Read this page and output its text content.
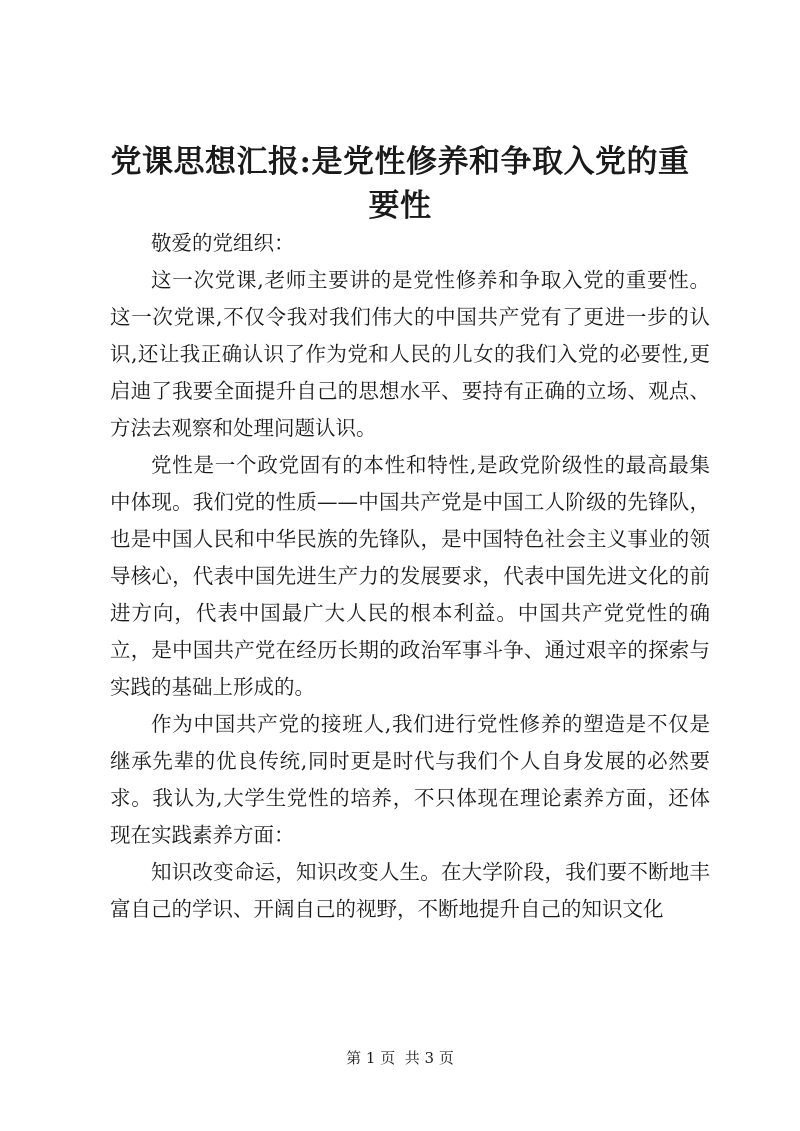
党课思想汇报:是党性修养和争取入党的重要性

敬爱的党组织：

这一次党课,老师主要讲的是党性修养和争取入党的重要性。这一次党课,不仅令我对我们伟大的中国共产党有了更进一步的认识,还让我正确认识了作为党和人民的儿女的我们入党的必要性,更启迪了我要全面提升自己的思想水平、要持有正确的立场、观点、方法去观察和处理问题认识。

党性是一个政党固有的本性和特性,是政党阶级性的最高最集中体现。我们党的性质——中国共产党是中国工人阶级的先锋队，也是中国人民和中华民族的先锋队，是中国特色社会主义事业的领导核心，代表中国先进生产力的发展要求，代表中国先进文化的前进方向，代表中国最广大人民的根本利益。中国共产党党性的确立，是中国共产党在经历长期的政治军事斗争、通过艰辛的探索与实践的基础上形成的。

作为中国共产党的接班人,我们进行党性修养的塑造是不仅是继承先辈的优良传统,同时更是时代与我们个人自身发展的必然要求。我认为,大学生党性的培养，不只体现在理论素养方面，还体现在实践素养方面：

知识改变命运，知识改变人生。在大学阶段，我们要不断地丰富自己的学识、开阔自己的视野，不断地提升自己的知识文化

第 1 页  共 3 页
